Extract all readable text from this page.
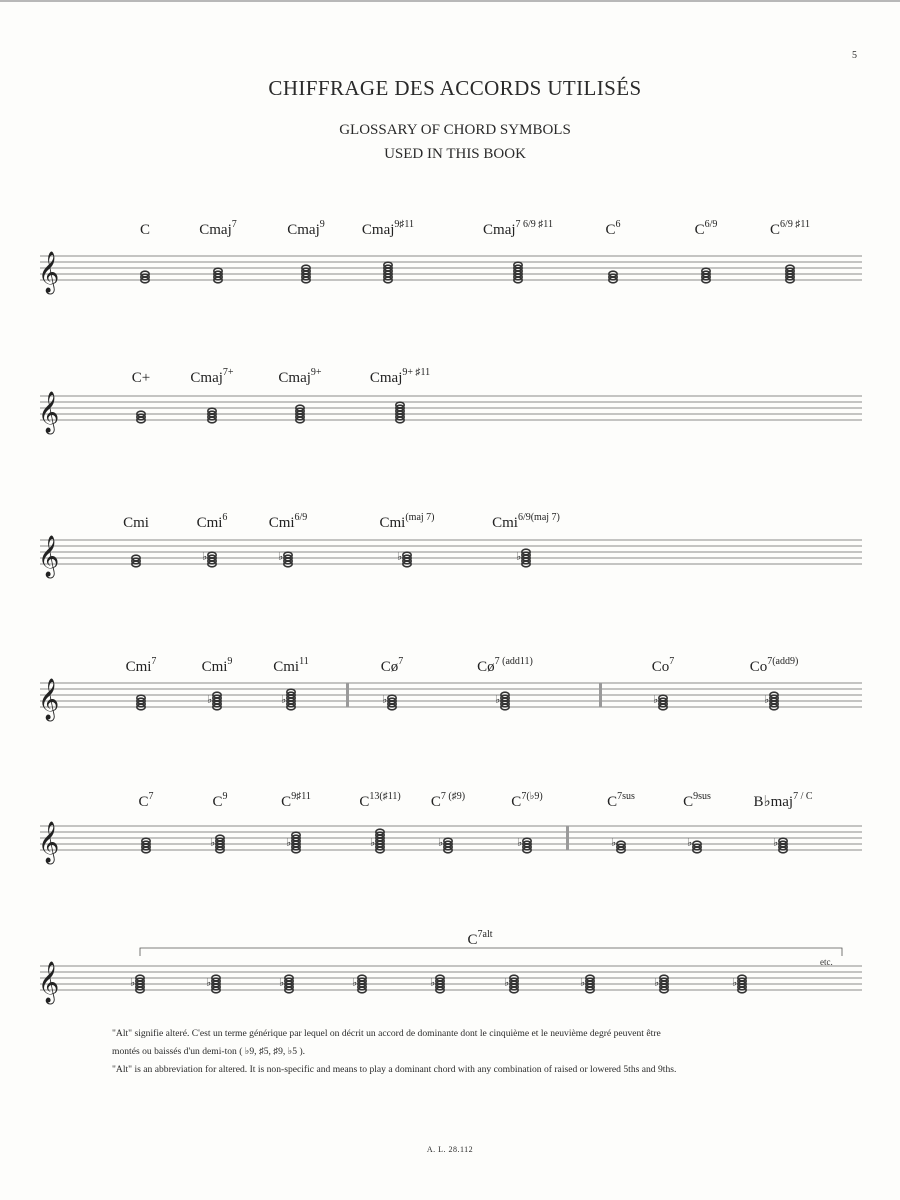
5
CHIFFRAGE DES ACCORDS UTILISÉS
GLOSSARY OF CHORD SYMBOLS
USED IN THIS BOOK
𝄞
𝄞
𝄞
𝄞
𝄞
𝄞
C	Cmaj$^7$	Cmaj$^9$ Cmaj$^{9♯11}$	Cmaj$^{7 6/9 ♯11}$	$C^6$	$C^{6/9}$	$C^{6/9 ♯11}$
C+	Cmaj$^{7+}$	Cmaj$^{9+}$	Cmaj$^{9+ ♯11}$
Cmi	Cmi$^6$	Cmi$^{6/9}$	Cmi$^{(maj 7)}$	Cmi$^{6/9(maj 7)}$
Cmi$^7$	Cmi$^9$	Cmi$^{11}$	$Cø^7$	$Cø^{7 (add11)}$	Co$^7$	$Co^{7(add9)}$
$C^7$	$C^9$	$C^{9♯11}$	$C^{13(♯11)}$ $C^{7 (♯9)}$	$C^{7(♭9)}$	$C^{7sus}$	$C^{9sus}$	B♭maj$^{7 / C}$
$C^{7alt}$
etc.
♭	♭	♭	♭
♭	♭	♭	♭	♭	♭
♭	♭	♭	♭	♭	♭	♭	♭
♭	♭	♭	♭	♭	♭	♭	♭	♭
"Alt" signifie alteré. C'est un terme générique par lequel on décrit un accord de dominante dont le cinquième et le neuvième degré peuvent être
montés ou baissés d'un demi-ton ( ♭9, ♯5, ♯9, ♭5 ).
"Alt" is an abbreviation for altered. It is non-specific and means to play a dominant chord with any combination of raised or lowered 5ths and 9ths.
A. L. 28.112
